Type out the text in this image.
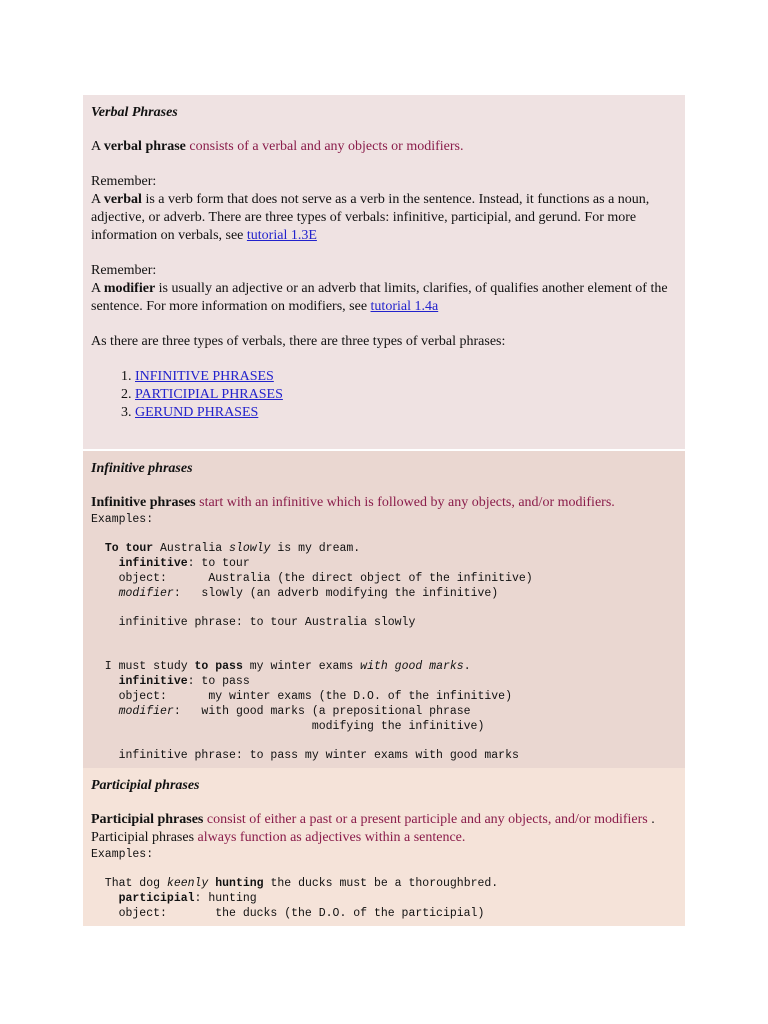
Verbal Phrases

A verbal phrase consists of a verbal and any objects or modifiers.

Remember:
A verbal is a verb form that does not serve as a verb in the sentence. Instead, it functions as a noun, adjective, or adverb. There are three types of verbals: infinitive, participial, and gerund. For more information on verbals, see tutorial 1.3E

Remember:
A modifier is usually an adjective or an adverb that limits, clarifies, of qualifies another element of the sentence. For more information on modifiers, see tutorial 1.4a

As there are three types of verbals, there are three types of verbal phrases:

1. INFINITIVE PHRASES
2. PARTICIPIAL PHRASES
3. GERUND PHRASES
Infinitive phrases

Infinitive phrases start with an infinitive which is followed by any objects, and/or modifiers.

Examples:
To tour Australia slowly is my dream.
infinitive: to tour
object:      Australia (the direct object of the infinitive)
modifier:   slowly (an adverb modifying the infinitive)
infinitive phrase: to tour Australia slowly
I must study to pass my winter exams with good marks.
infinitive: to pass
object:      my winter exams (the D.O. of the infinitive)
modifier:   with good marks (a prepositional phrase
modifying the infinitive)
infinitive phrase: to pass my winter exams with good marks
Participial phrases

Participial phrases consist of either a past or a present participle and any objects, and/or modifiers . Participial phrases always function as adjectives within a sentence.

Examples:
That dog keenly hunting the ducks must be a thoroughbred.
participial: hunting
object:       the ducks (the D.O. of the participial)
